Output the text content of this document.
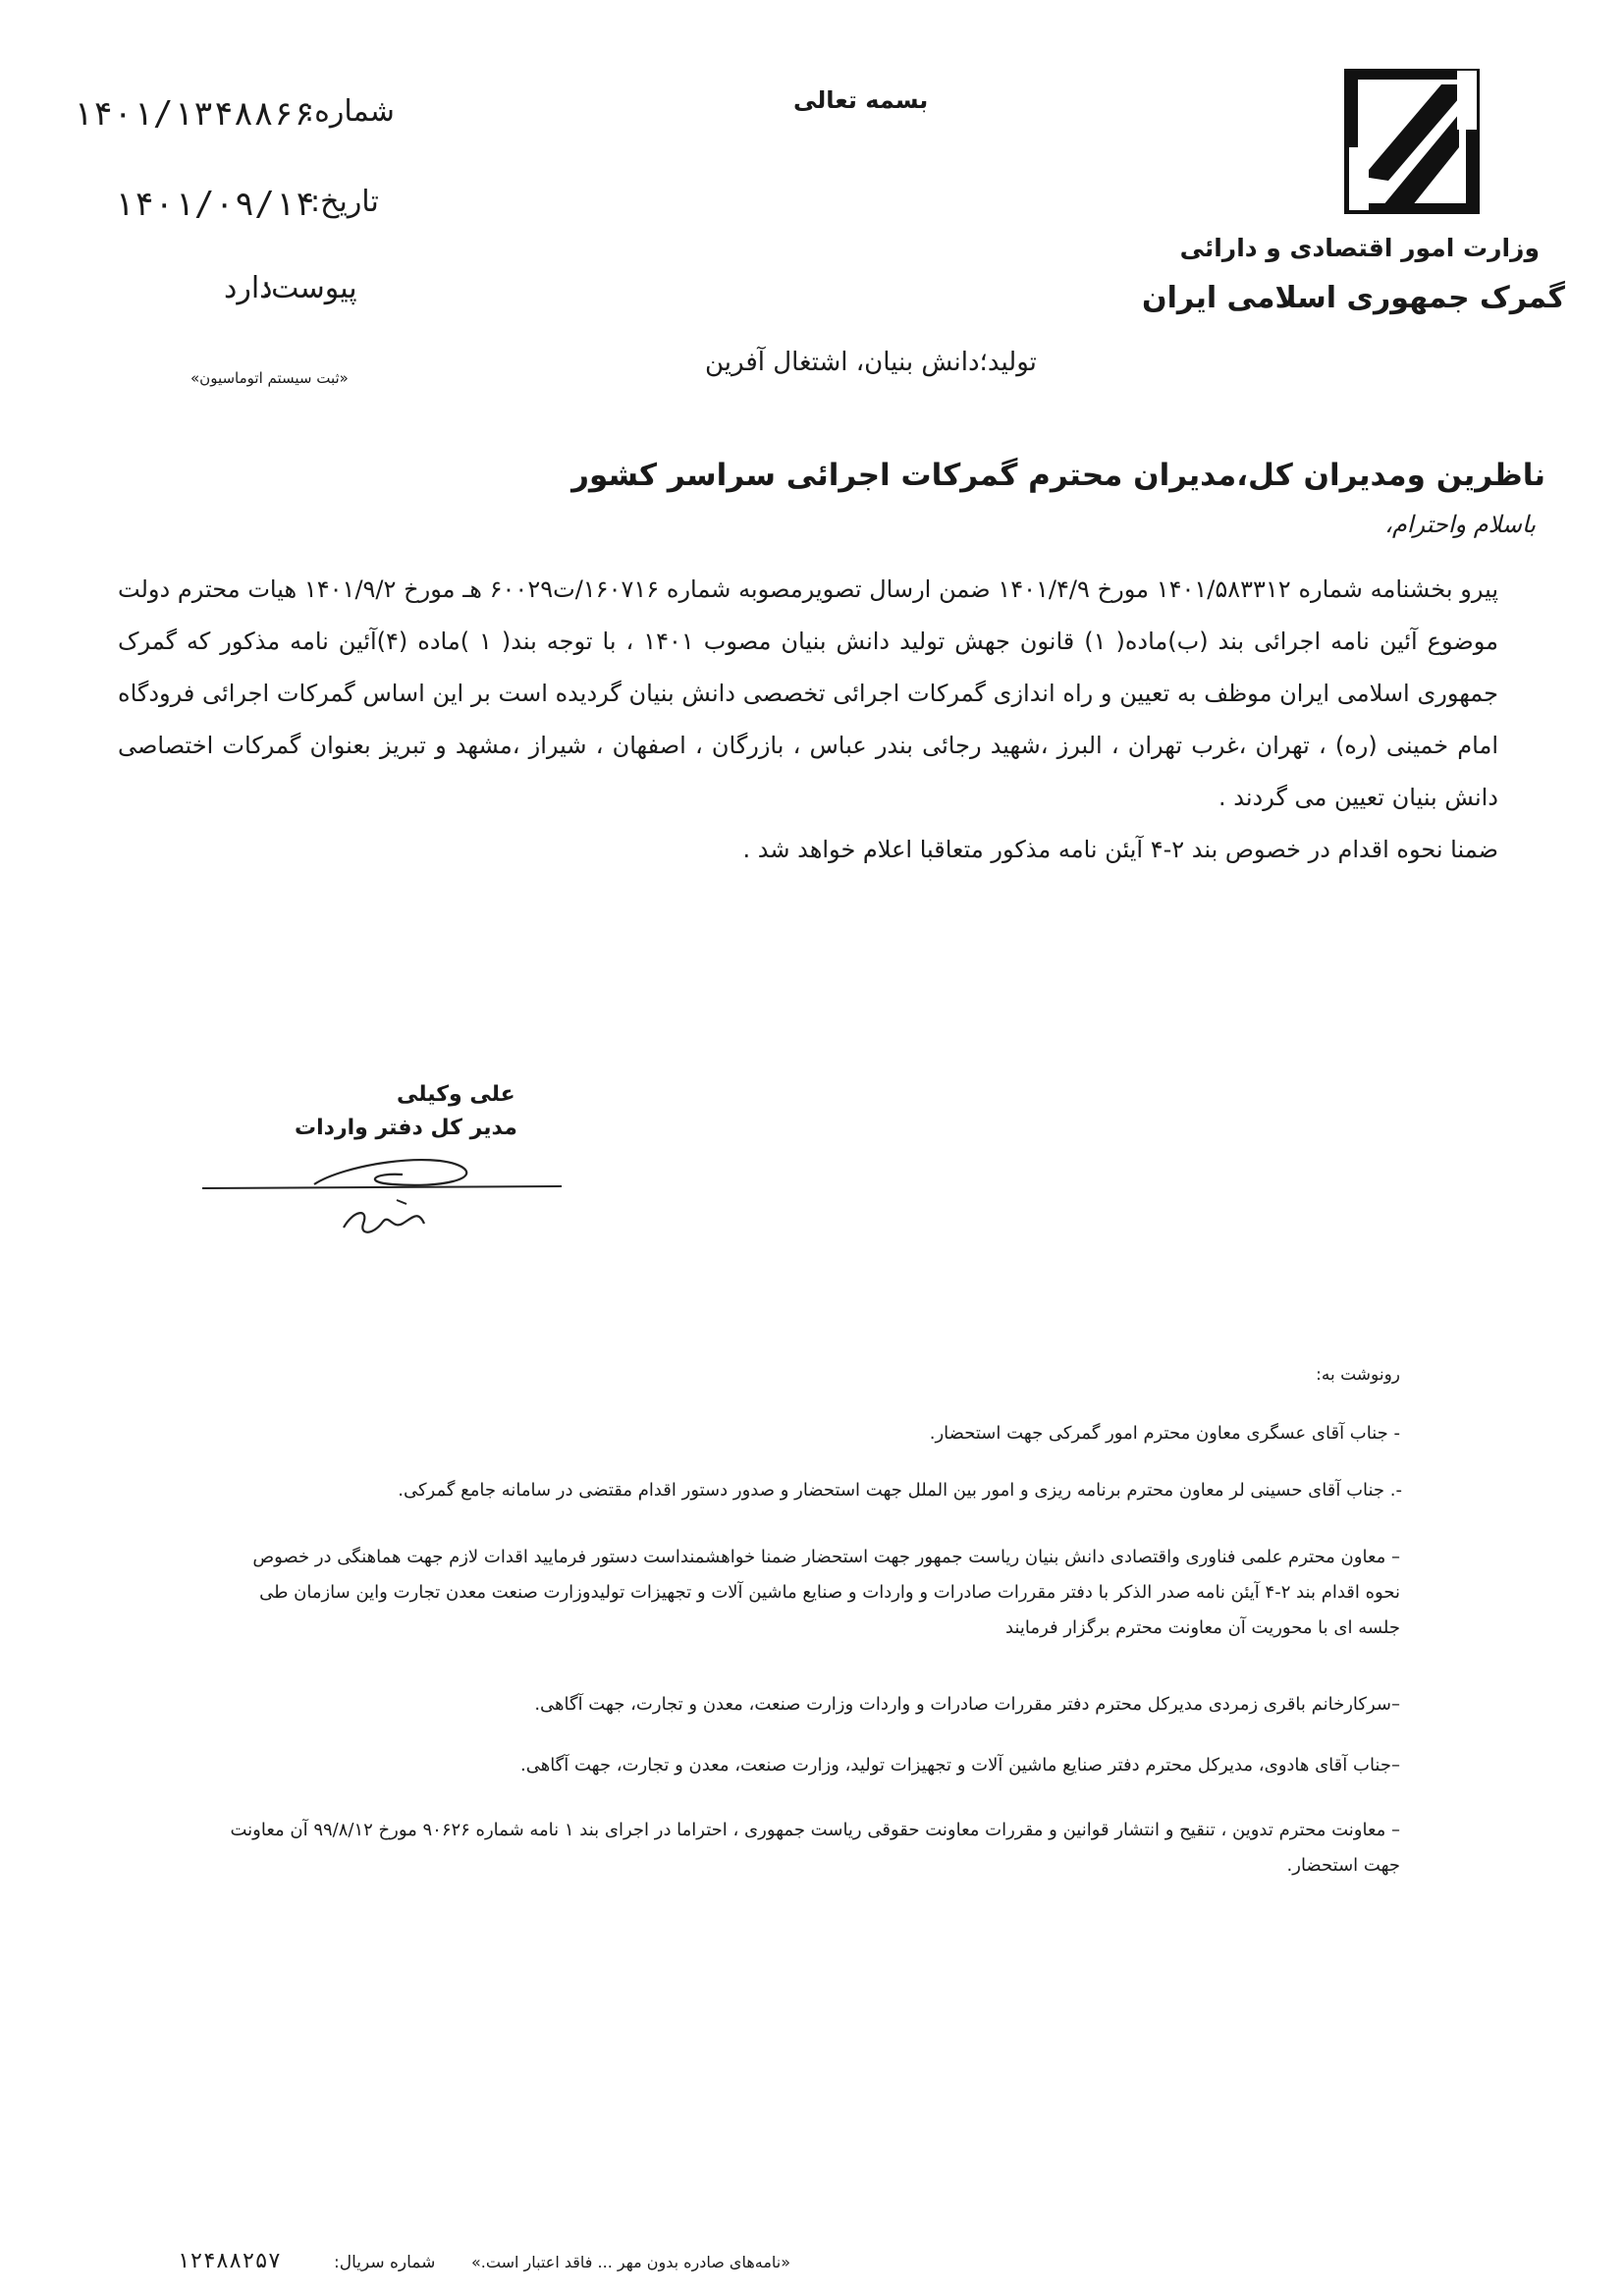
وزارت امور اقتصادی و دارائی
گمرک جمهوری اسلامی ایران
بسمه تعالی
شماره:
۱۴۰۱/۱۳۴۸۸۶۶
تاریخ:
۱۴۰۱/۰۹/۱۴
پیوست:
دارد
«ثبت سیستم اتوماسیون»
تولید؛دانش بنیان، اشتغال آفرین
ناظرین ومدیران کل،مدیران محترم گمرکات اجرائی سراسر کشور
باسلام واحترام،

پیرو بخشنامه شماره ۱۴۰۱/۵۸۳۳۱۲ مورخ ۱۴۰۱/۴/۹ ضمن ارسال تصویرمصوبه شماره ۱۶۰۷۱۶/ت۶۰۰۲۹ هـ مورخ ۱۴۰۱/۹/۲ هیات محترم دولت موضوع آئین نامه اجرائی بند (ب)ماده( ۱) قانون جهش تولید دانش بنیان مصوب ۱۴۰۱ ، با توجه بند( ۱ )ماده (۴)آئین نامه مذکور که گمرک جمهوری اسلامی ایران موظف به تعیین و راه اندازی گمرکات اجرائی تخصصی دانش بنیان گردیده است بر این اساس گمرکات اجرائی فرودگاه امام خمینی (ره) ، تهران ،غرب تهران ، البرز ،شهید رجائی بندر عباس ، بازرگان ، اصفهان ، شیراز ،مشهد و تبریز بعنوان گمرکات اختصاصی دانش بنیان تعیین می گردند .

ضمنا نحوه اقدام در خصوص بند ۲-۴ آیئن نامه مذکور متعاقبا اعلام خواهد شد .

علی وکیلی
مدیر کل دفتر واردات
رونوشت به:
- جناب آقای عسگری معاون محترم امور گمرکی جهت استحضار.
-. جناب آقای حسینی لر معاون محترم برنامه ریزی و امور بین الملل جهت استحضار و صدور دستور اقدام مقتضی در سامانه جامع گمرکی.

– معاون محترم علمی فناوری واقتصادی دانش بنیان ریاست جمهور جهت استحضار ضمنا خواهشمنداست دستور فرمایید اقدات لازم جهت هماهنگی در خصوص نحوه اقدام بند ۲-۴ آیئن نامه صدر الذکر با دفتر مقررات صادرات و واردات و صنایع ماشین آلات و تجهیزات تولیدوزارت صنعت معدن تجارت واین سازمان طی جلسه ای با محوریت آن معاونت محترم برگزار فرمایند

–سرکارخانم باقری زمردی مدیرکل محترم دفتر مقررات صادرات و واردات وزارت صنعت، معدن و تجارت، جهت آگاهی.
–جناب آقای هادوی، مدیرکل محترم دفتر صنایع ماشین آلات و تجهیزات تولید، وزارت صنعت، معدن و تجارت، جهت آگاهی.

– معاونت محترم تدوین ، تنقیح و انتشار قوانین و مقررات معاونت حقوقی ریاست جمهوری ، احتراما در اجرای بند ۱ نامه شماره ۹۰۶۲۶ مورخ ۹۹/۸/۱۲ آن معاونت جهت استحضار.

«نامه‌های صادره بدون مهر ... فاقد اعتبار است.»
شماره سریال:
۱۲۴۸۸۲۵۷
